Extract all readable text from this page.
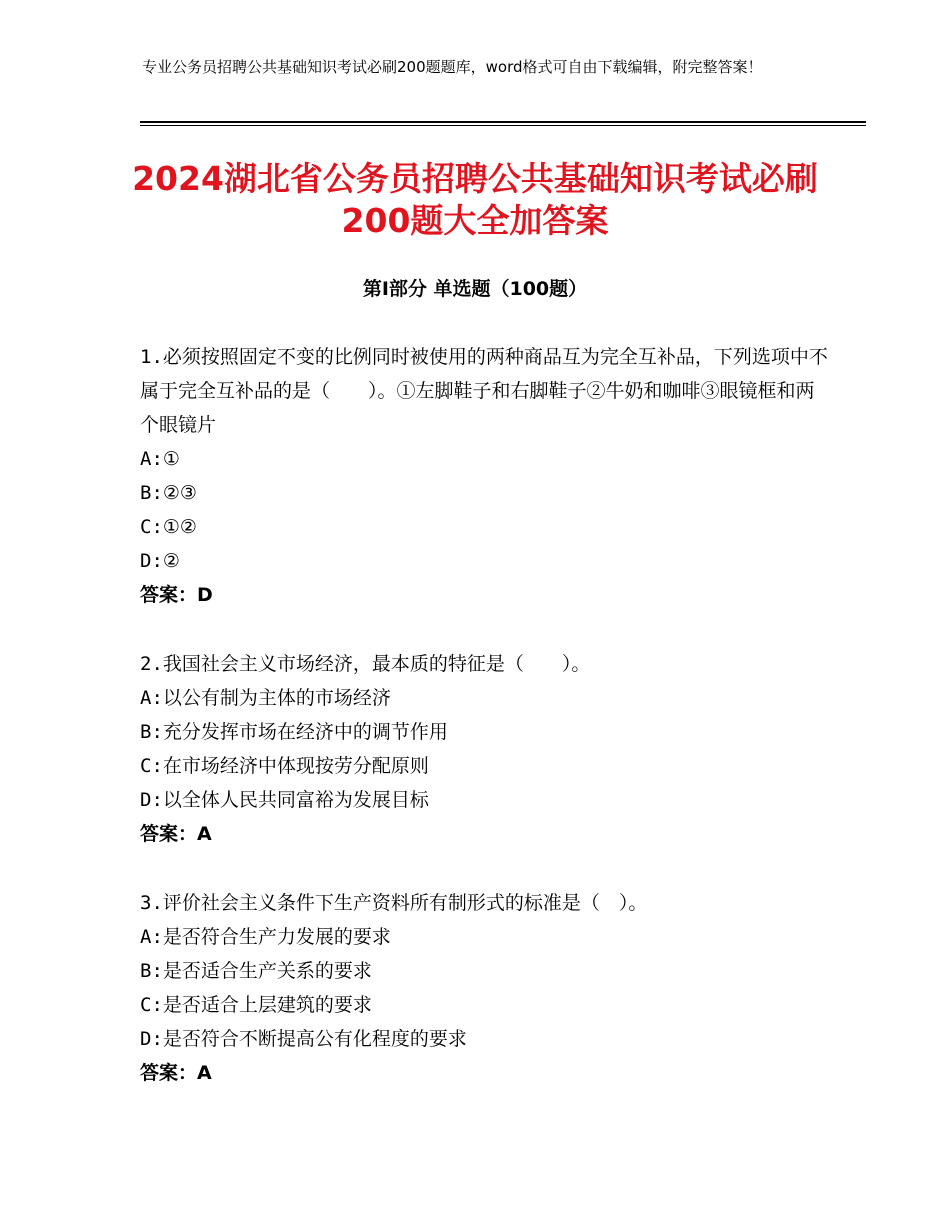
专业公务员招聘公共基础知识考试必刷200题题库，word格式可自由下载编辑，附完整答案！
2024湖北省公务员招聘公共基础知识考试必刷200题大全加答案
第Ⅰ部分 单选题（100题）

1.必须按照固定不变的比例同时被使用的两种商品互为完全互补品，下列选项中不属于完全互补品的是（　　）。①左脚鞋子和右脚鞋子②牛奶和咖啡③眼镜框和两个眼镜片

A:①

B:②③

C:①②

D:②

答案：D

2.我国社会主义市场经济，最本质的特征是（　　）。

A:以公有制为主体的市场经济

B:充分发挥市场在经济中的调节作用

C:在市场经济中体现按劳分配原则

D:以全体人民共同富裕为发展目标

答案：A

3.评价社会主义条件下生产资料所有制形式的标准是（　）。

A:是否符合生产力发展的要求

B:是否适合生产关系的要求

C:是否适合上层建筑的要求

D:是否符合不断提高公有化程度的要求

答案：A
